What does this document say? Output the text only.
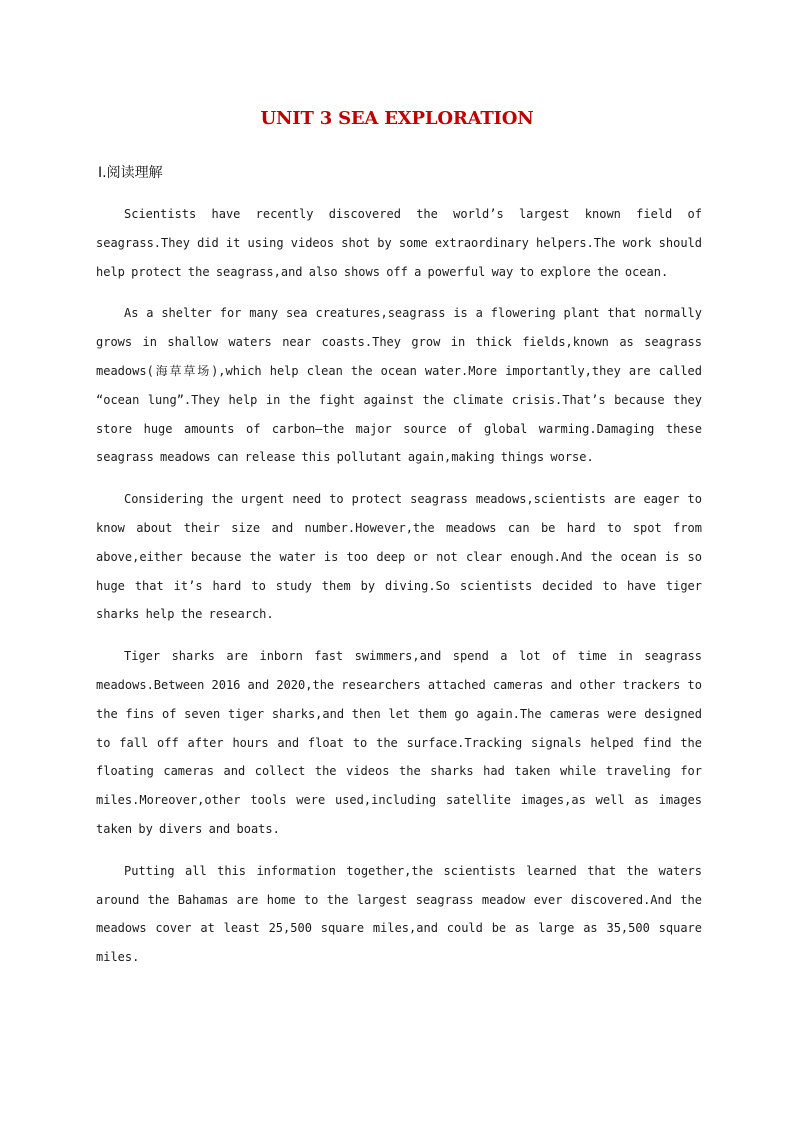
UNIT 3 SEA EXPLORATION
Ⅰ.阅读理解

Scientists have recently discovered the world’s largest known field of seagrass.They did it using videos shot by some extraordinary helpers.The work should help protect the seagrass,and also shows off a powerful way to explore the ocean.

As a shelter for many sea creatures,seagrass is a flowering plant that normally grows in shallow waters near coasts.They grow in thick fields,known as seagrass meadows(海草草场),which help clean the ocean water.More importantly,they are called “ocean lung”.They help in the fight against the climate crisis.That’s because they store huge amounts of carbon—the major source of global warming.Damaging these seagrass meadows can release this pollutant again,making things worse.

Considering the urgent need to protect seagrass meadows,scientists are eager to know about their size and number.However,the meadows can be hard to spot from above,either because the water is too deep or not clear enough.And the ocean is so huge that it’s hard to study them by diving.So scientists decided to have tiger sharks help the research.

Tiger sharks are inborn fast swimmers,and spend a lot of time in seagrass meadows.Between 2016 and 2020,the researchers attached cameras and other trackers to the fins of seven tiger sharks,and then let them go again.The cameras were designed to fall off after hours and float to the surface.Tracking signals helped find the floating cameras and collect the videos the sharks had taken while traveling for miles.Moreover,other tools were used,including satellite images,as well as images taken by divers and boats.

Putting all this information together,the scientists learned that the waters around the Bahamas are home to the largest seagrass meadow ever discovered.And the meadows cover at least 25,500 square miles,and could be as large as 35,500 square miles.
